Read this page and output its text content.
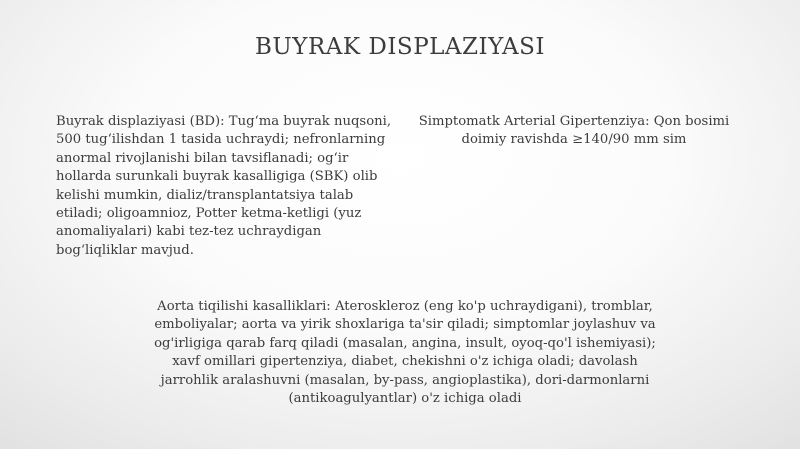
BUYRAK DISPLAZIYASI
Buyrak displaziyasi (BD): Tug‘ma buyrak nuqsoni, 500 tug‘ilishdan 1 tasida uchraydi; nefronlarning anormal rivojlanishi bilan tavsiflanadi; og‘ir hollarda surunkali buyrak kasalligiga (SBK) olib kelishi mumkin, dializ/transplantatsiya talab etiladi; oligoamnioz, Potter ketma-ketligi (yuz anomaliyalari) kabi tez-tez uchraydigan bog‘liqliklar mavjud.
Simptomatk Arterial Gipertenziya: Qon bosimi doimiy ravishda ≥140/90 mm sim
Aorta tiqilishi kasalliklari: Ateroskleroz (eng ko'p uchraydigani), tromblar, emboliyalar; aorta va yirik shoxlariga ta'sir qiladi; simptomlar joylashuv va og'irligiga qarab farq qiladi (masalan, angina, insult, oyoq-qo'l ishemiyasi); xavf omillari gipertenziya, diabet, chekishni o'z ichiga oladi; davolash jarrohlik aralashuvni (masalan, by-pass, angioplastika), dori-darmonlarni (antikoagulyantlar) o'z ichiga oladi
